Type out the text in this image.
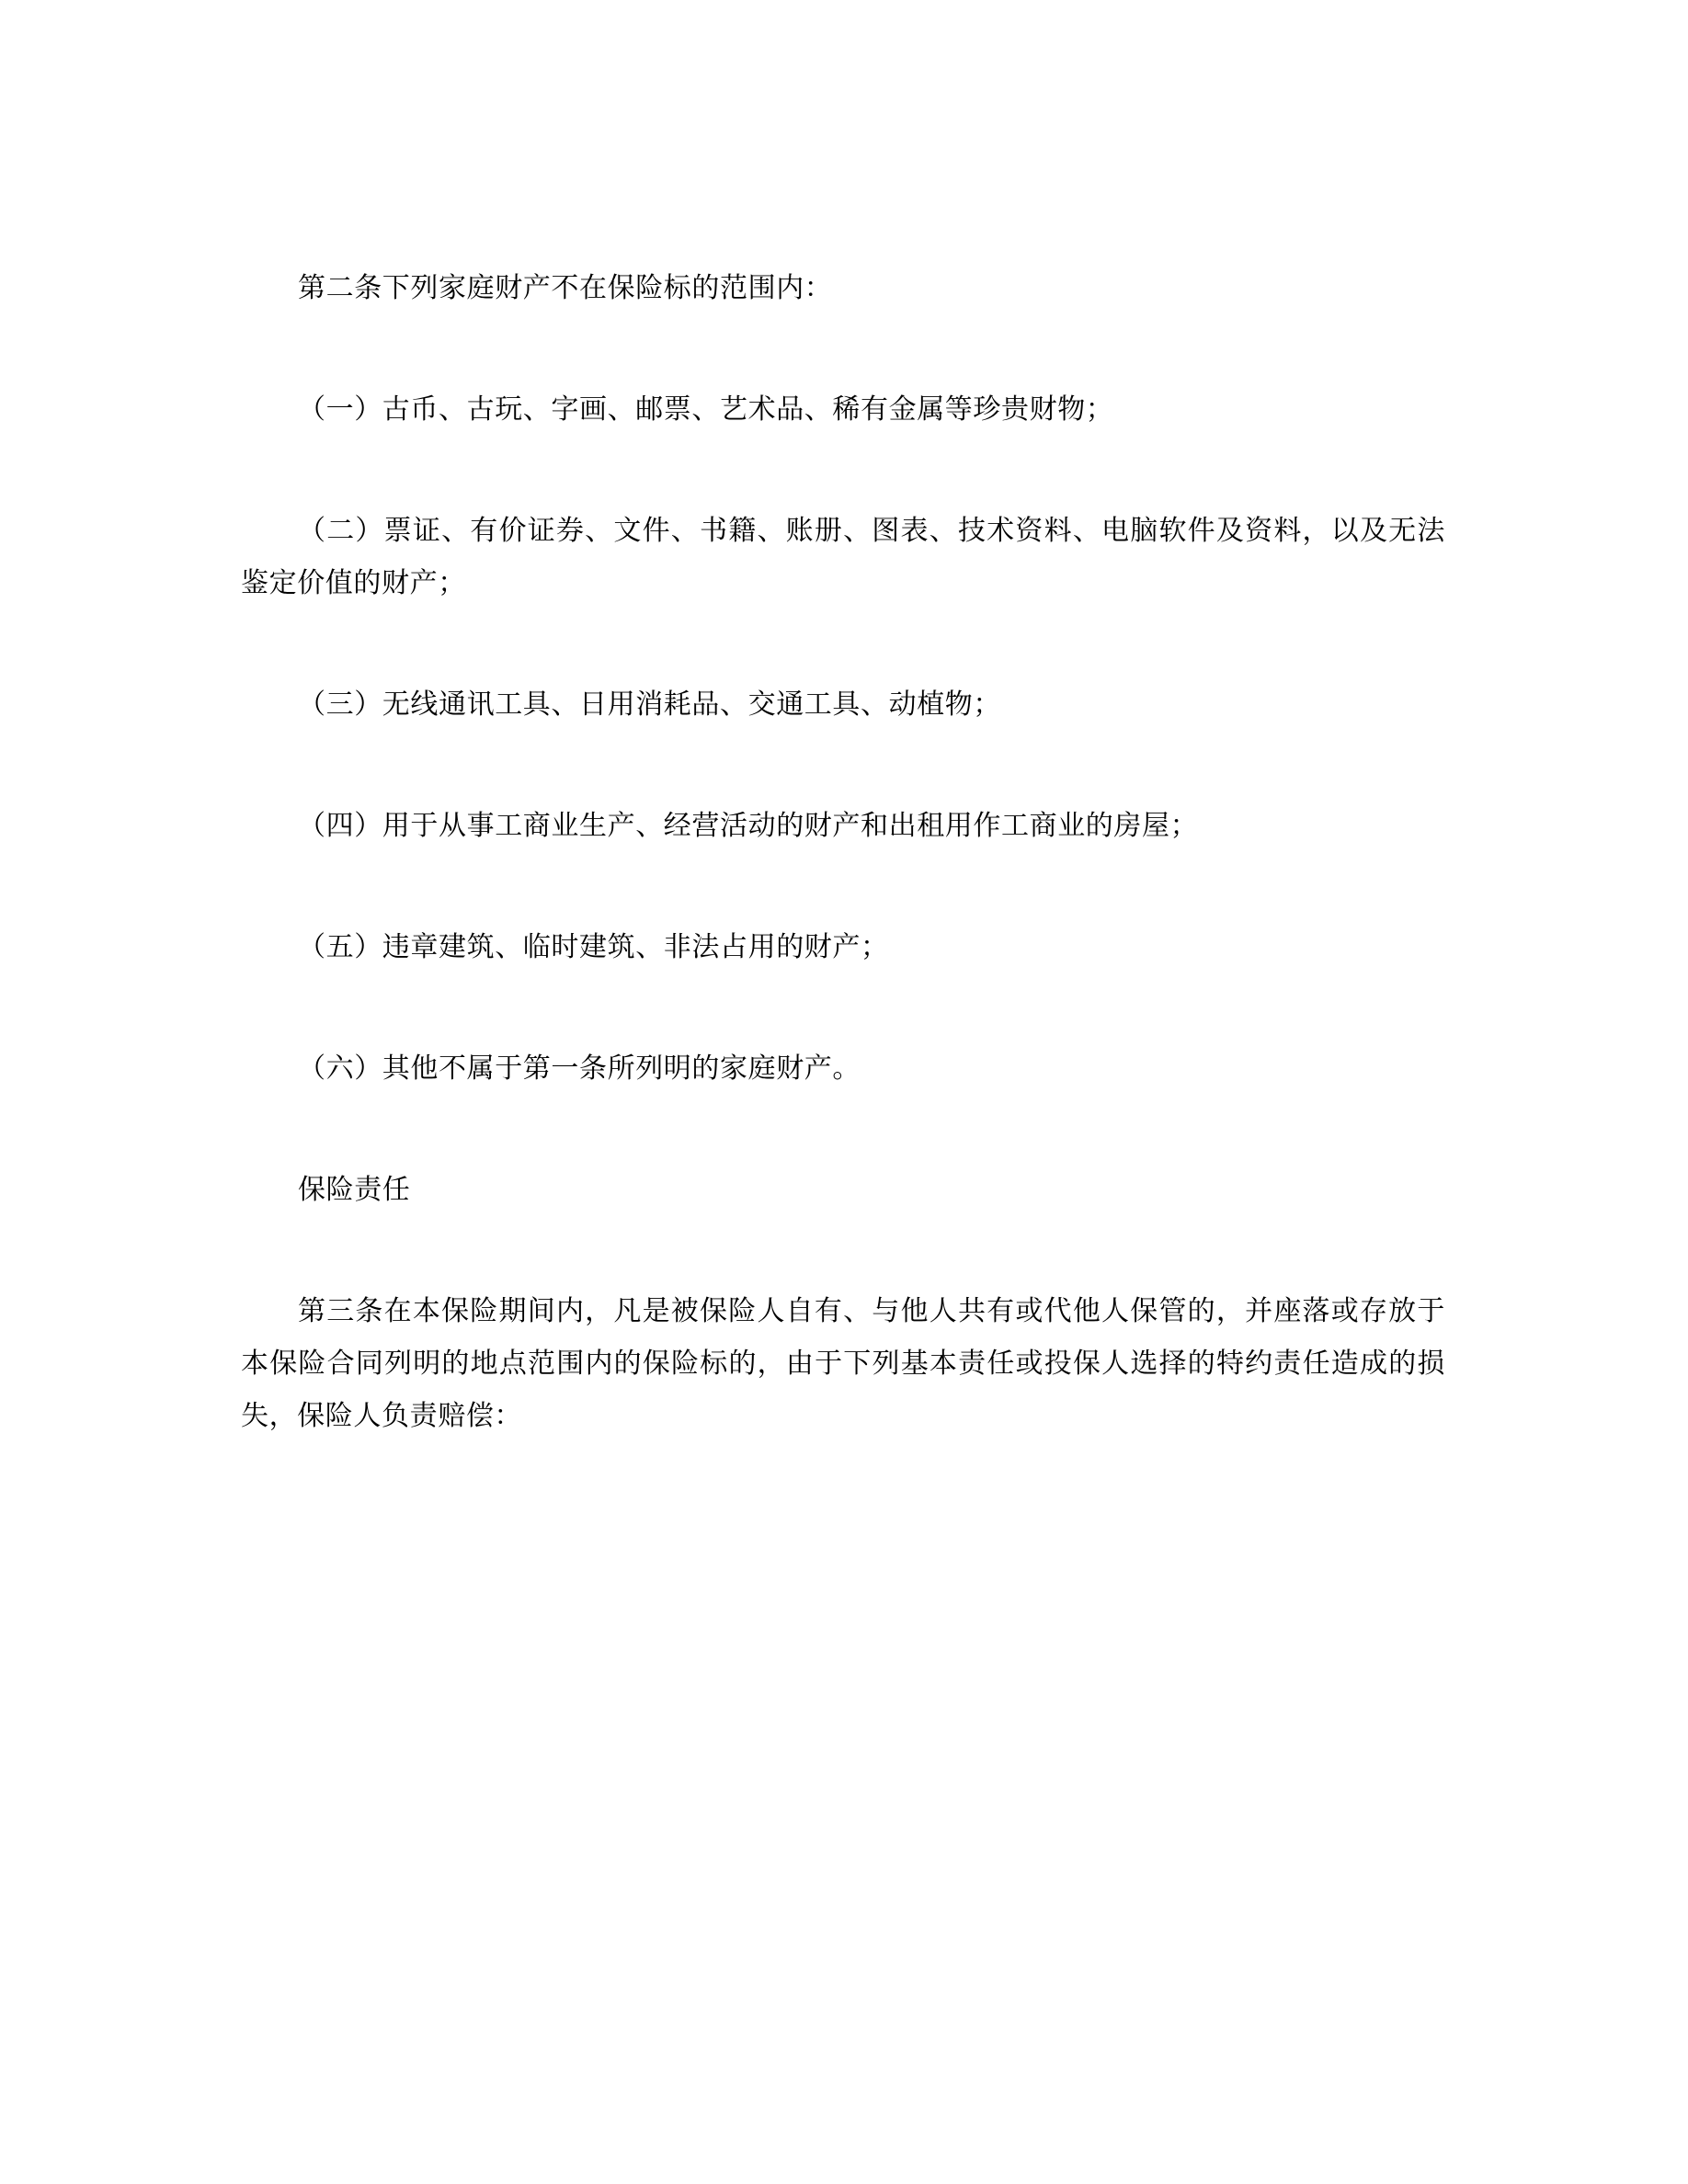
第二条下列家庭财产不在保险标的范围内：

（一）古币、古玩、字画、邮票、艺术品、稀有金属等珍贵财物；

（二）票证、有价证券、文件、书籍、账册、图表、技术资料、电脑软件及资料，以及无法鉴定价值的财产；

（三）无线通讯工具、日用消耗品、交通工具、动植物；

（四）用于从事工商业生产、经营活动的财产和出租用作工商业的房屋；

（五）违章建筑、临时建筑、非法占用的财产；

（六）其他不属于第一条所列明的家庭财产。

保险责任

第三条在本保险期间内，凡是被保险人自有、与他人共有或代他人保管的，并座落或存放于本保险合同列明的地点范围内的保险标的，由于下列基本责任或投保人选择的特约责任造成的损失，保险人负责赔偿：
